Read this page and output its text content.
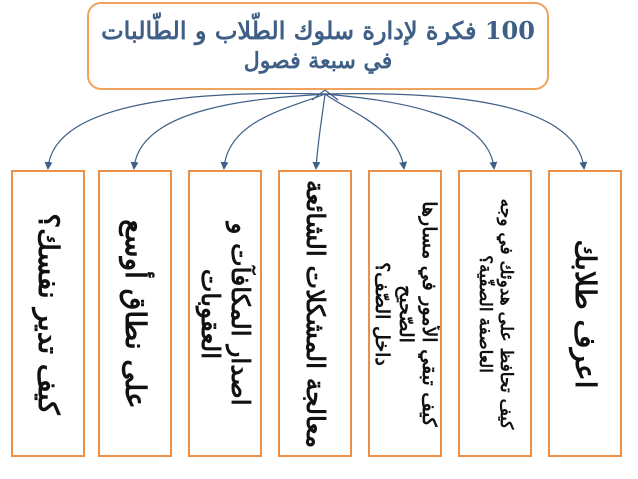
100 فكرة لإدارة سلوك الطّلاب و الطّالبات
في سبعة فصول
كيف تدير نفسك؟	على نطاق أوسع	اصدار المكافآت و العقوبات	معالجة المشكلات الشائعة	كيف تبقي الأمور في مسارها الصّحيح
داخل الصّف؟
كيف تحافظ على هدوئك في وجه
العاصفة الصفّية؟	اعرف طلابك
